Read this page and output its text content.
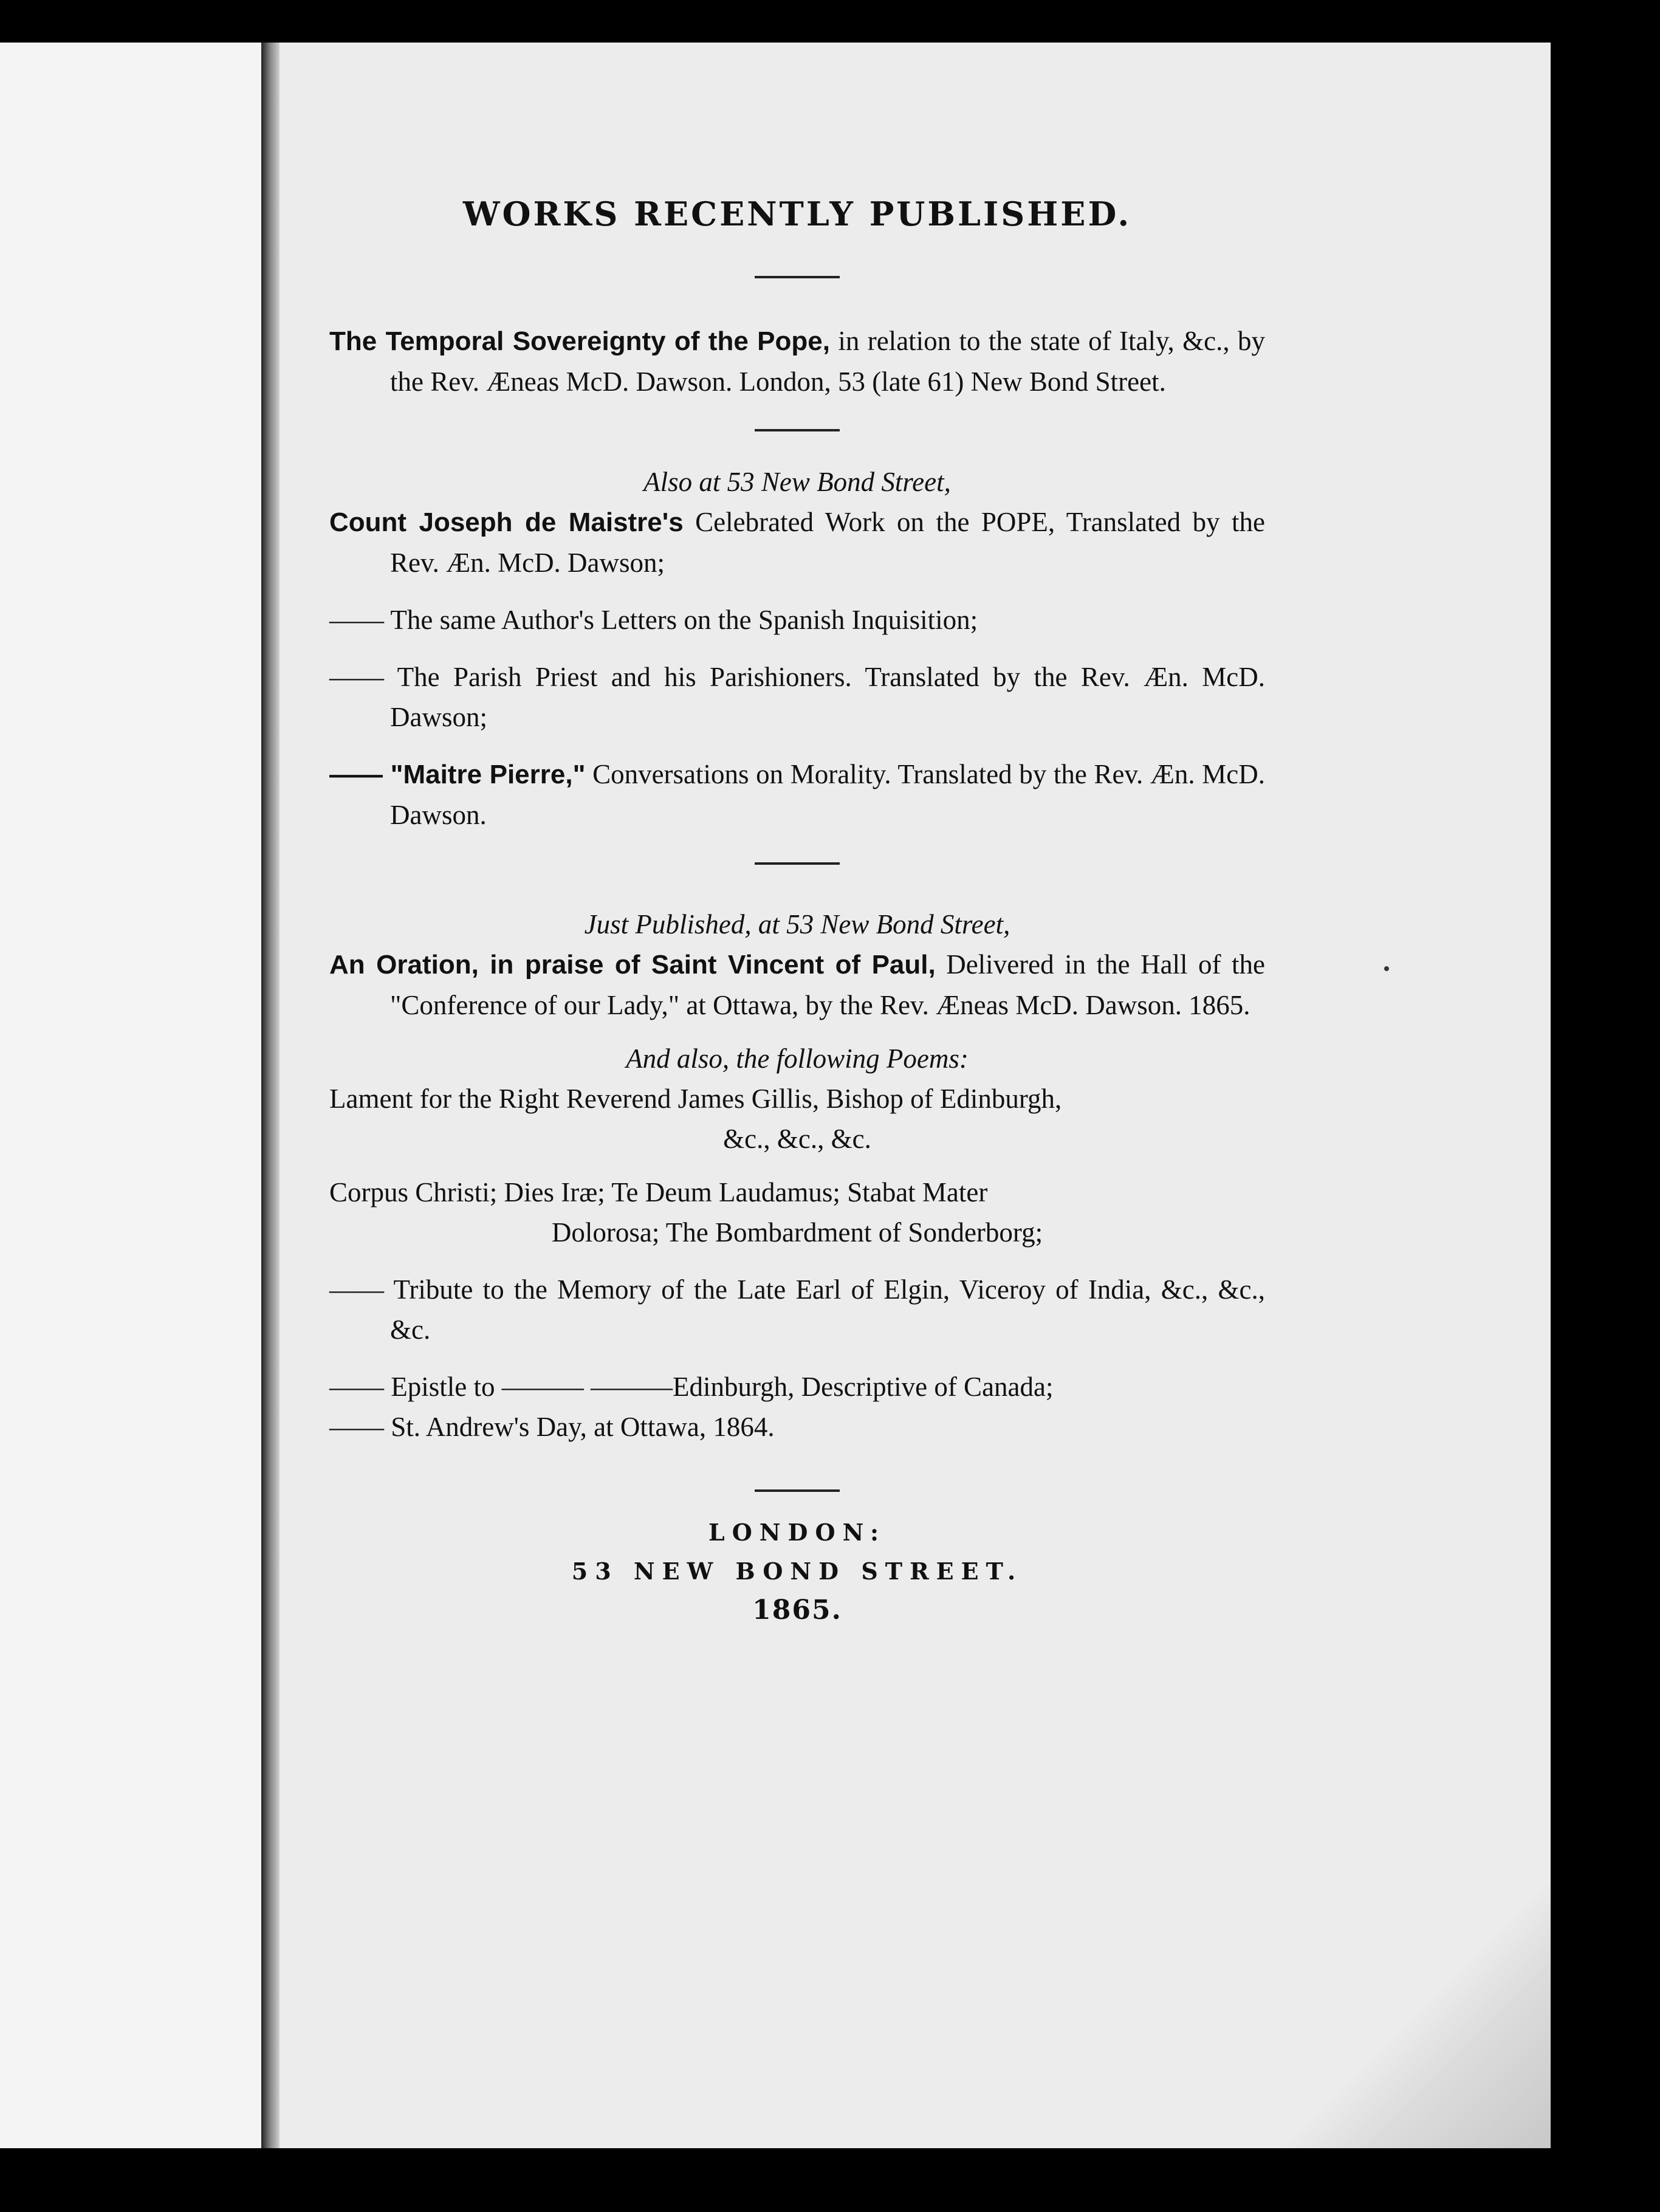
WORKS RECENTLY PUBLISHED.
The Temporal Sovereignty of the Pope, in relation to the state of Italy, &c., by the Rev. Æneas McD. Dawson. London, 53 (late 61) New Bond Street.
Also at 53 New Bond Street,
Count Joseph de Maistre's Celebrated Work on the POPE, Translated by the Rev. Æn. McD. Dawson;
—— The same Author's Letters on the Spanish Inquisition;
—— The Parish Priest and his Parishioners. Translated by the Rev. Æn. McD. Dawson;
—— "Maitre Pierre," Conversations on Morality. Translated by the Rev. Æn. McD. Dawson.
Just Published, at 53 New Bond Street,
An Oration, in praise of Saint Vincent of Paul, Delivered in the Hall of the "Conference of our Lady," at Ottawa, by the Rev. Æneas McD. Dawson. 1865.
And also, the following Poems:
Lament for the Right Reverend James Gillis, Bishop of Edinburgh,
&c., &c., &c.
Corpus Christi; Dies Iræ; Te Deum Laudamus; Stabat Mater
Dolorosa; The Bombardment of Sonderborg;
—— Tribute to the Memory of the Late Earl of Elgin, Viceroy of India, &c., &c., &c.
—— Epistle to ——— ———Edinburgh, Descriptive of Canada;
—— St. Andrew's Day, at Ottawa, 1864.
LONDON:
53 NEW BOND STREET.
1865.
